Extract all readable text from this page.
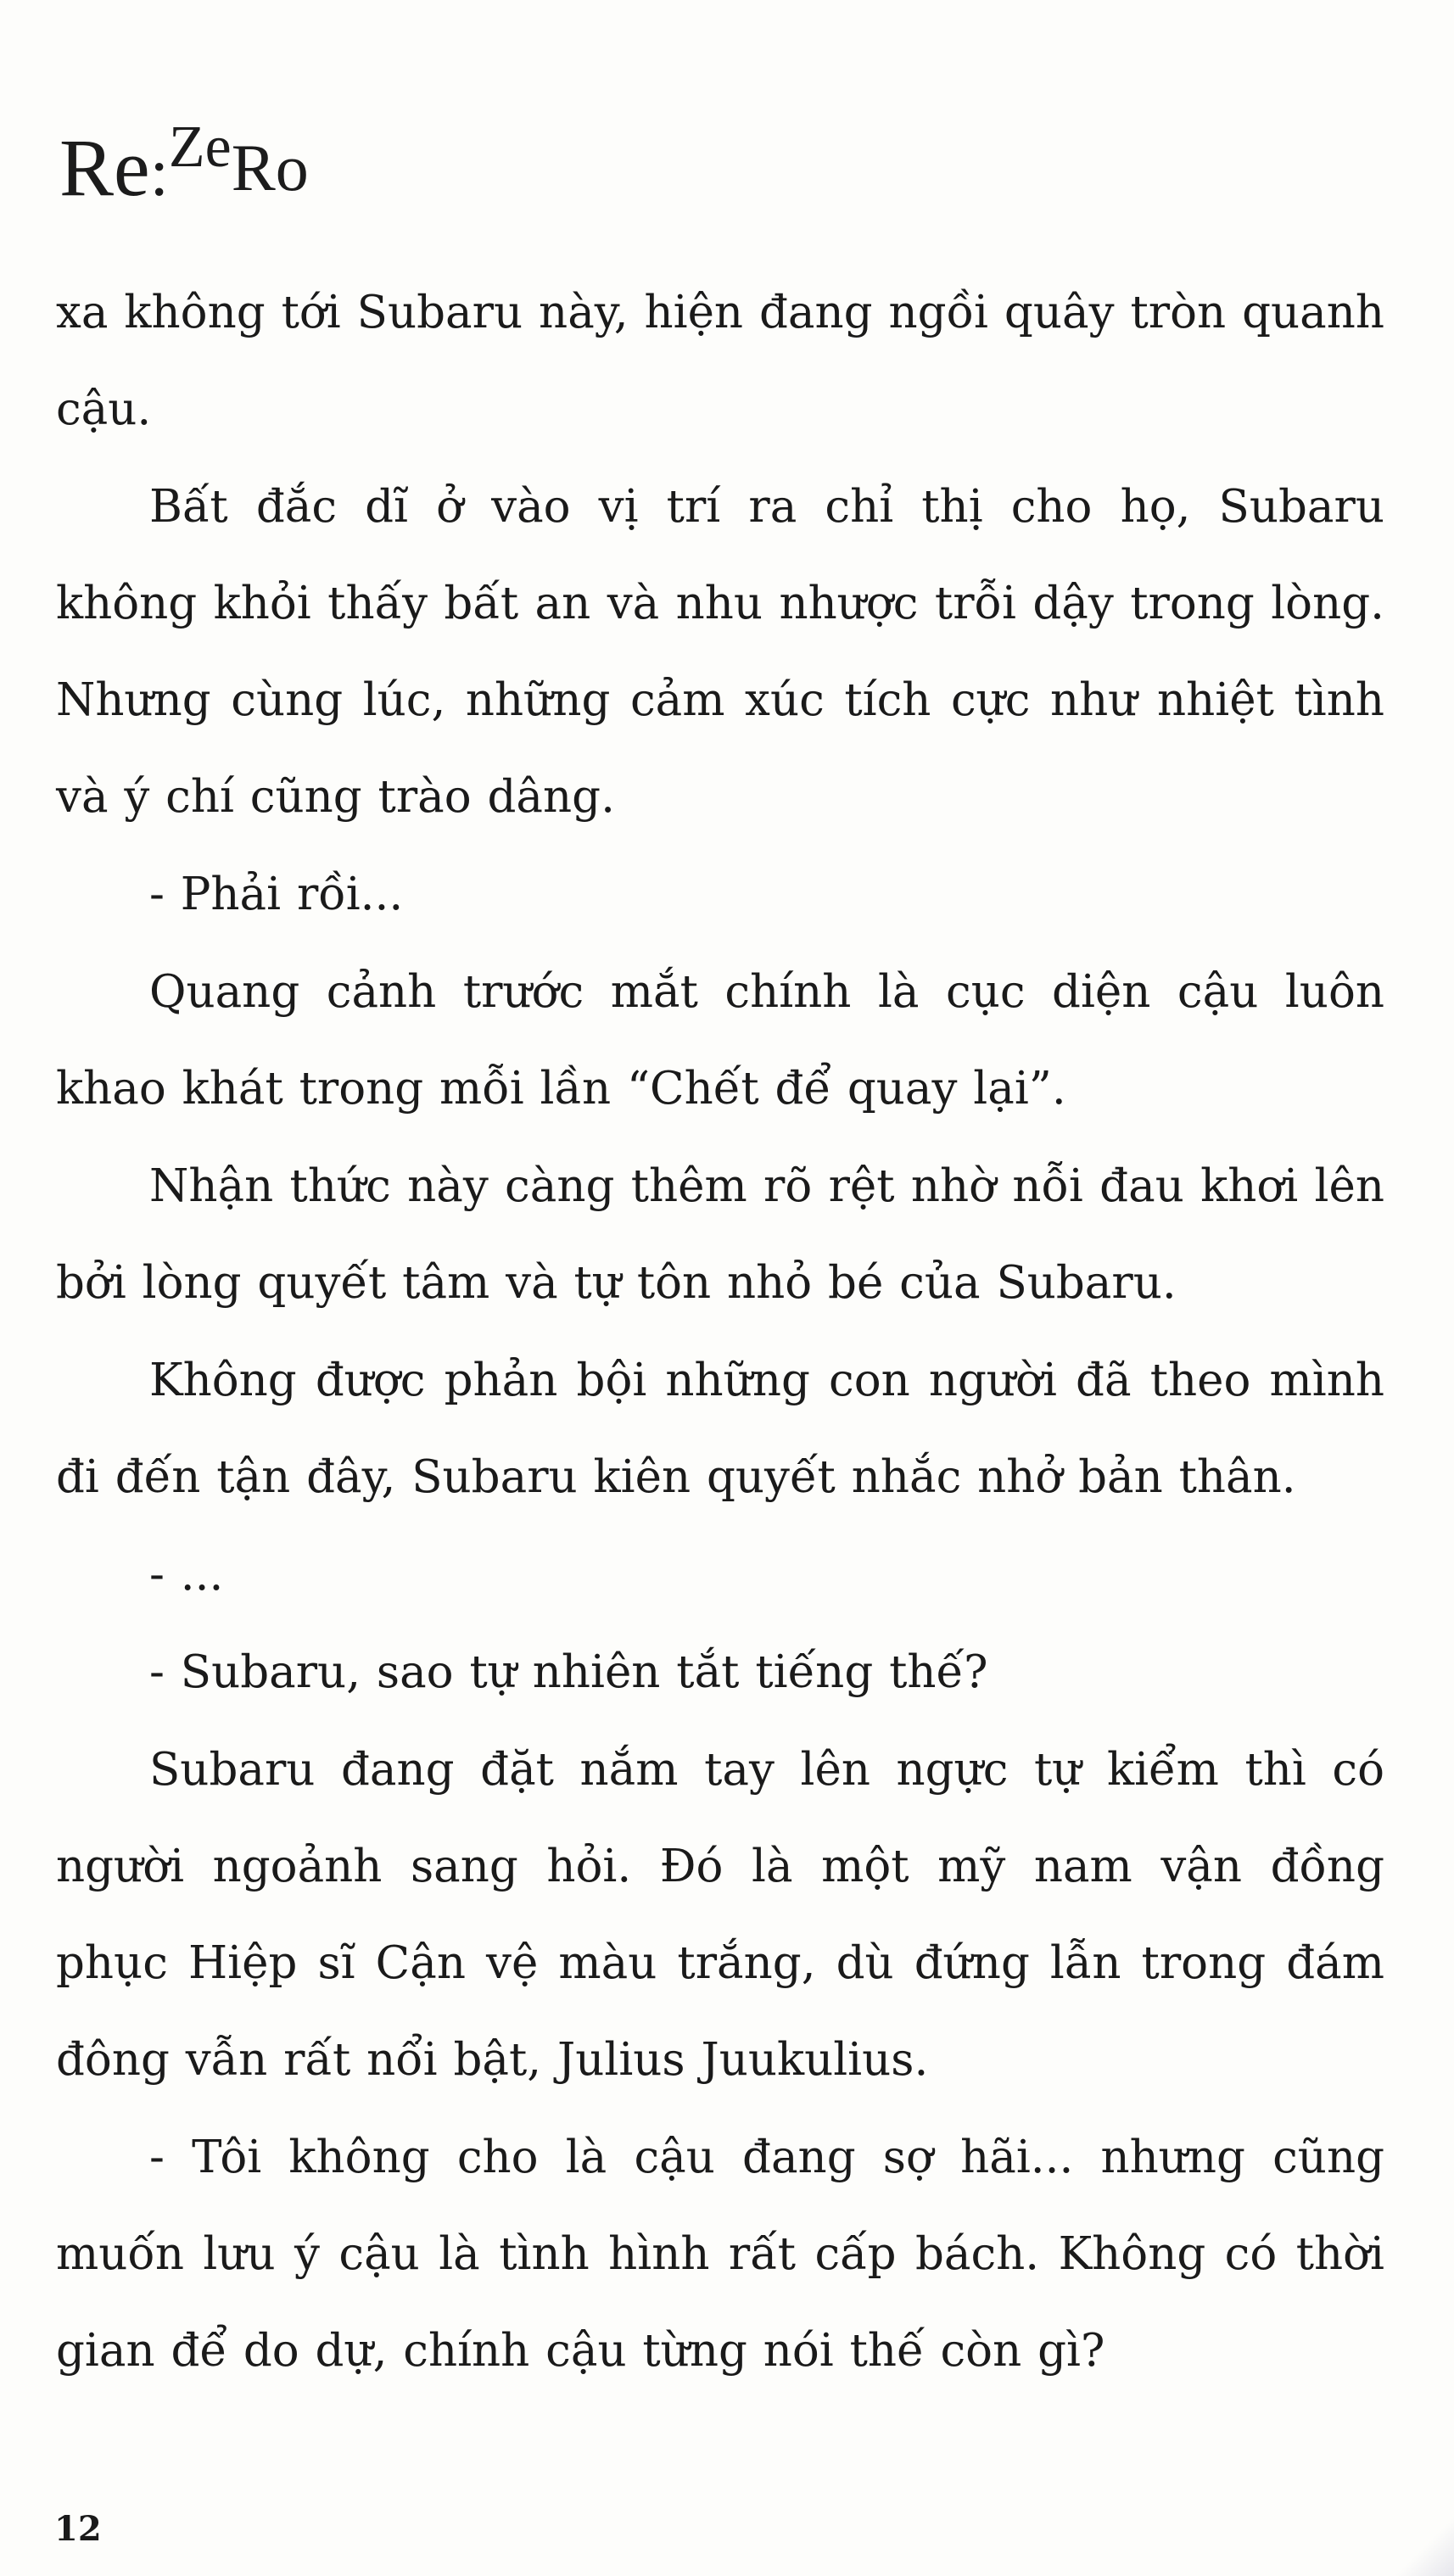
Re:$^{Ze}$Ro

xa không tới Subaru này, hiện đang ngồi quây tròn quanh cậu.

Bất đắc dĩ ở vào vị trí ra chỉ thị cho họ, Subaru không khỏi thấy bất an và nhu nhược trỗi dậy trong lòng. Nhưng cùng lúc, những cảm xúc tích cực như nhiệt tình và ý chí cũng trào dâng.

- Phải rồi...

Quang cảnh trước mắt chính là cục diện cậu luôn khao khát trong mỗi lần “Chết để quay lại”.

Nhận thức này càng thêm rõ rệt nhờ nỗi đau khơi lên bởi lòng quyết tâm và tự tôn nhỏ bé của Subaru.

Không được phản bội những con người đã theo mình đi đến tận đây, Subaru kiên quyết nhắc nhở bản thân.

- ...

- Subaru, sao tự nhiên tắt tiếng thế?

Subaru đang đặt nắm tay lên ngực tự kiểm thì có người ngoảnh sang hỏi. Đó là một mỹ nam vận đồng phục Hiệp sĩ Cận vệ màu trắng, dù đứng lẫn trong đám đông vẫn rất nổi bật, Julius Juukulius.

- Tôi không cho là cậu đang sợ hãi... nhưng cũng muốn lưu ý cậu là tình hình rất cấp bách. Không có thời gian để do dự, chính cậu từng nói thế còn gì?

12
